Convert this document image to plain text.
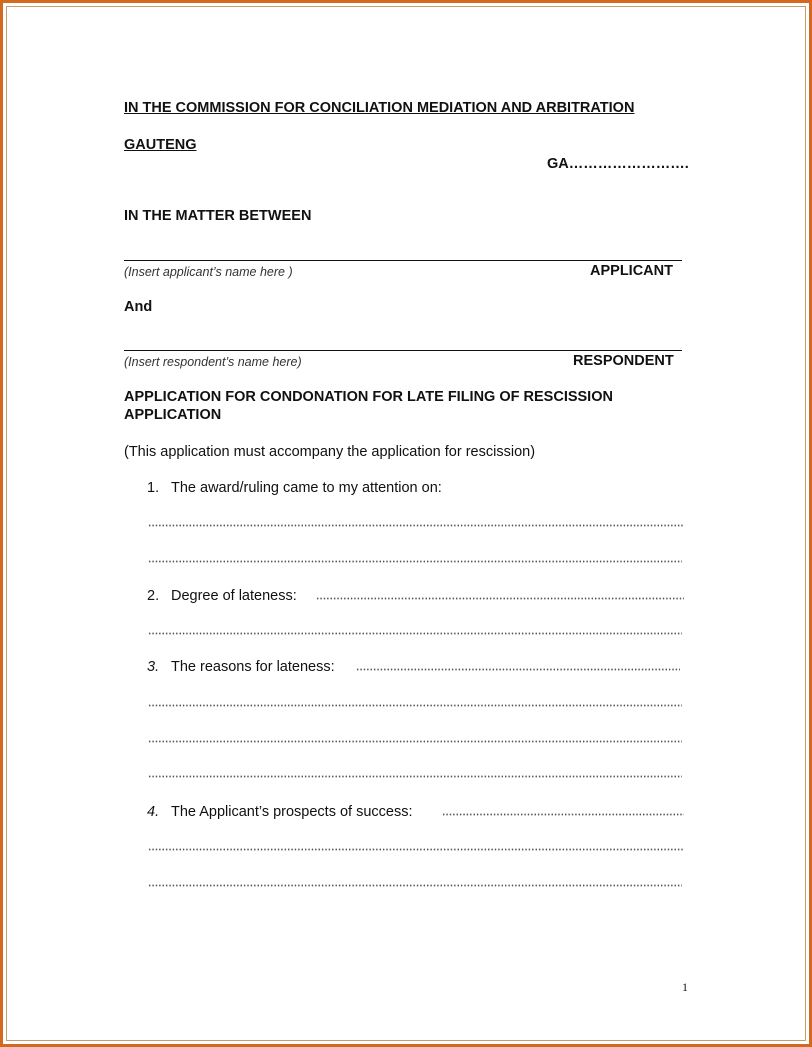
IN THE COMMISSION FOR CONCILIATION MEDIATION AND ARBITRATION
GAUTENG
GA…………………….
IN THE MATTER BETWEEN
(Insert applicant’s name here )	APPLICANT
And
(Insert respondent’s name here)	RESPONDENT
APPLICATION FOR CONDONATION FOR LATE FILING OF RESCISSION
APPLICATION
(This application must accompany the application for rescission)
1. The award/ruling came to my attention on:
2. Degree of lateness:
3. The reasons for lateness:
4. The Applicant’s prospects of success:
1
